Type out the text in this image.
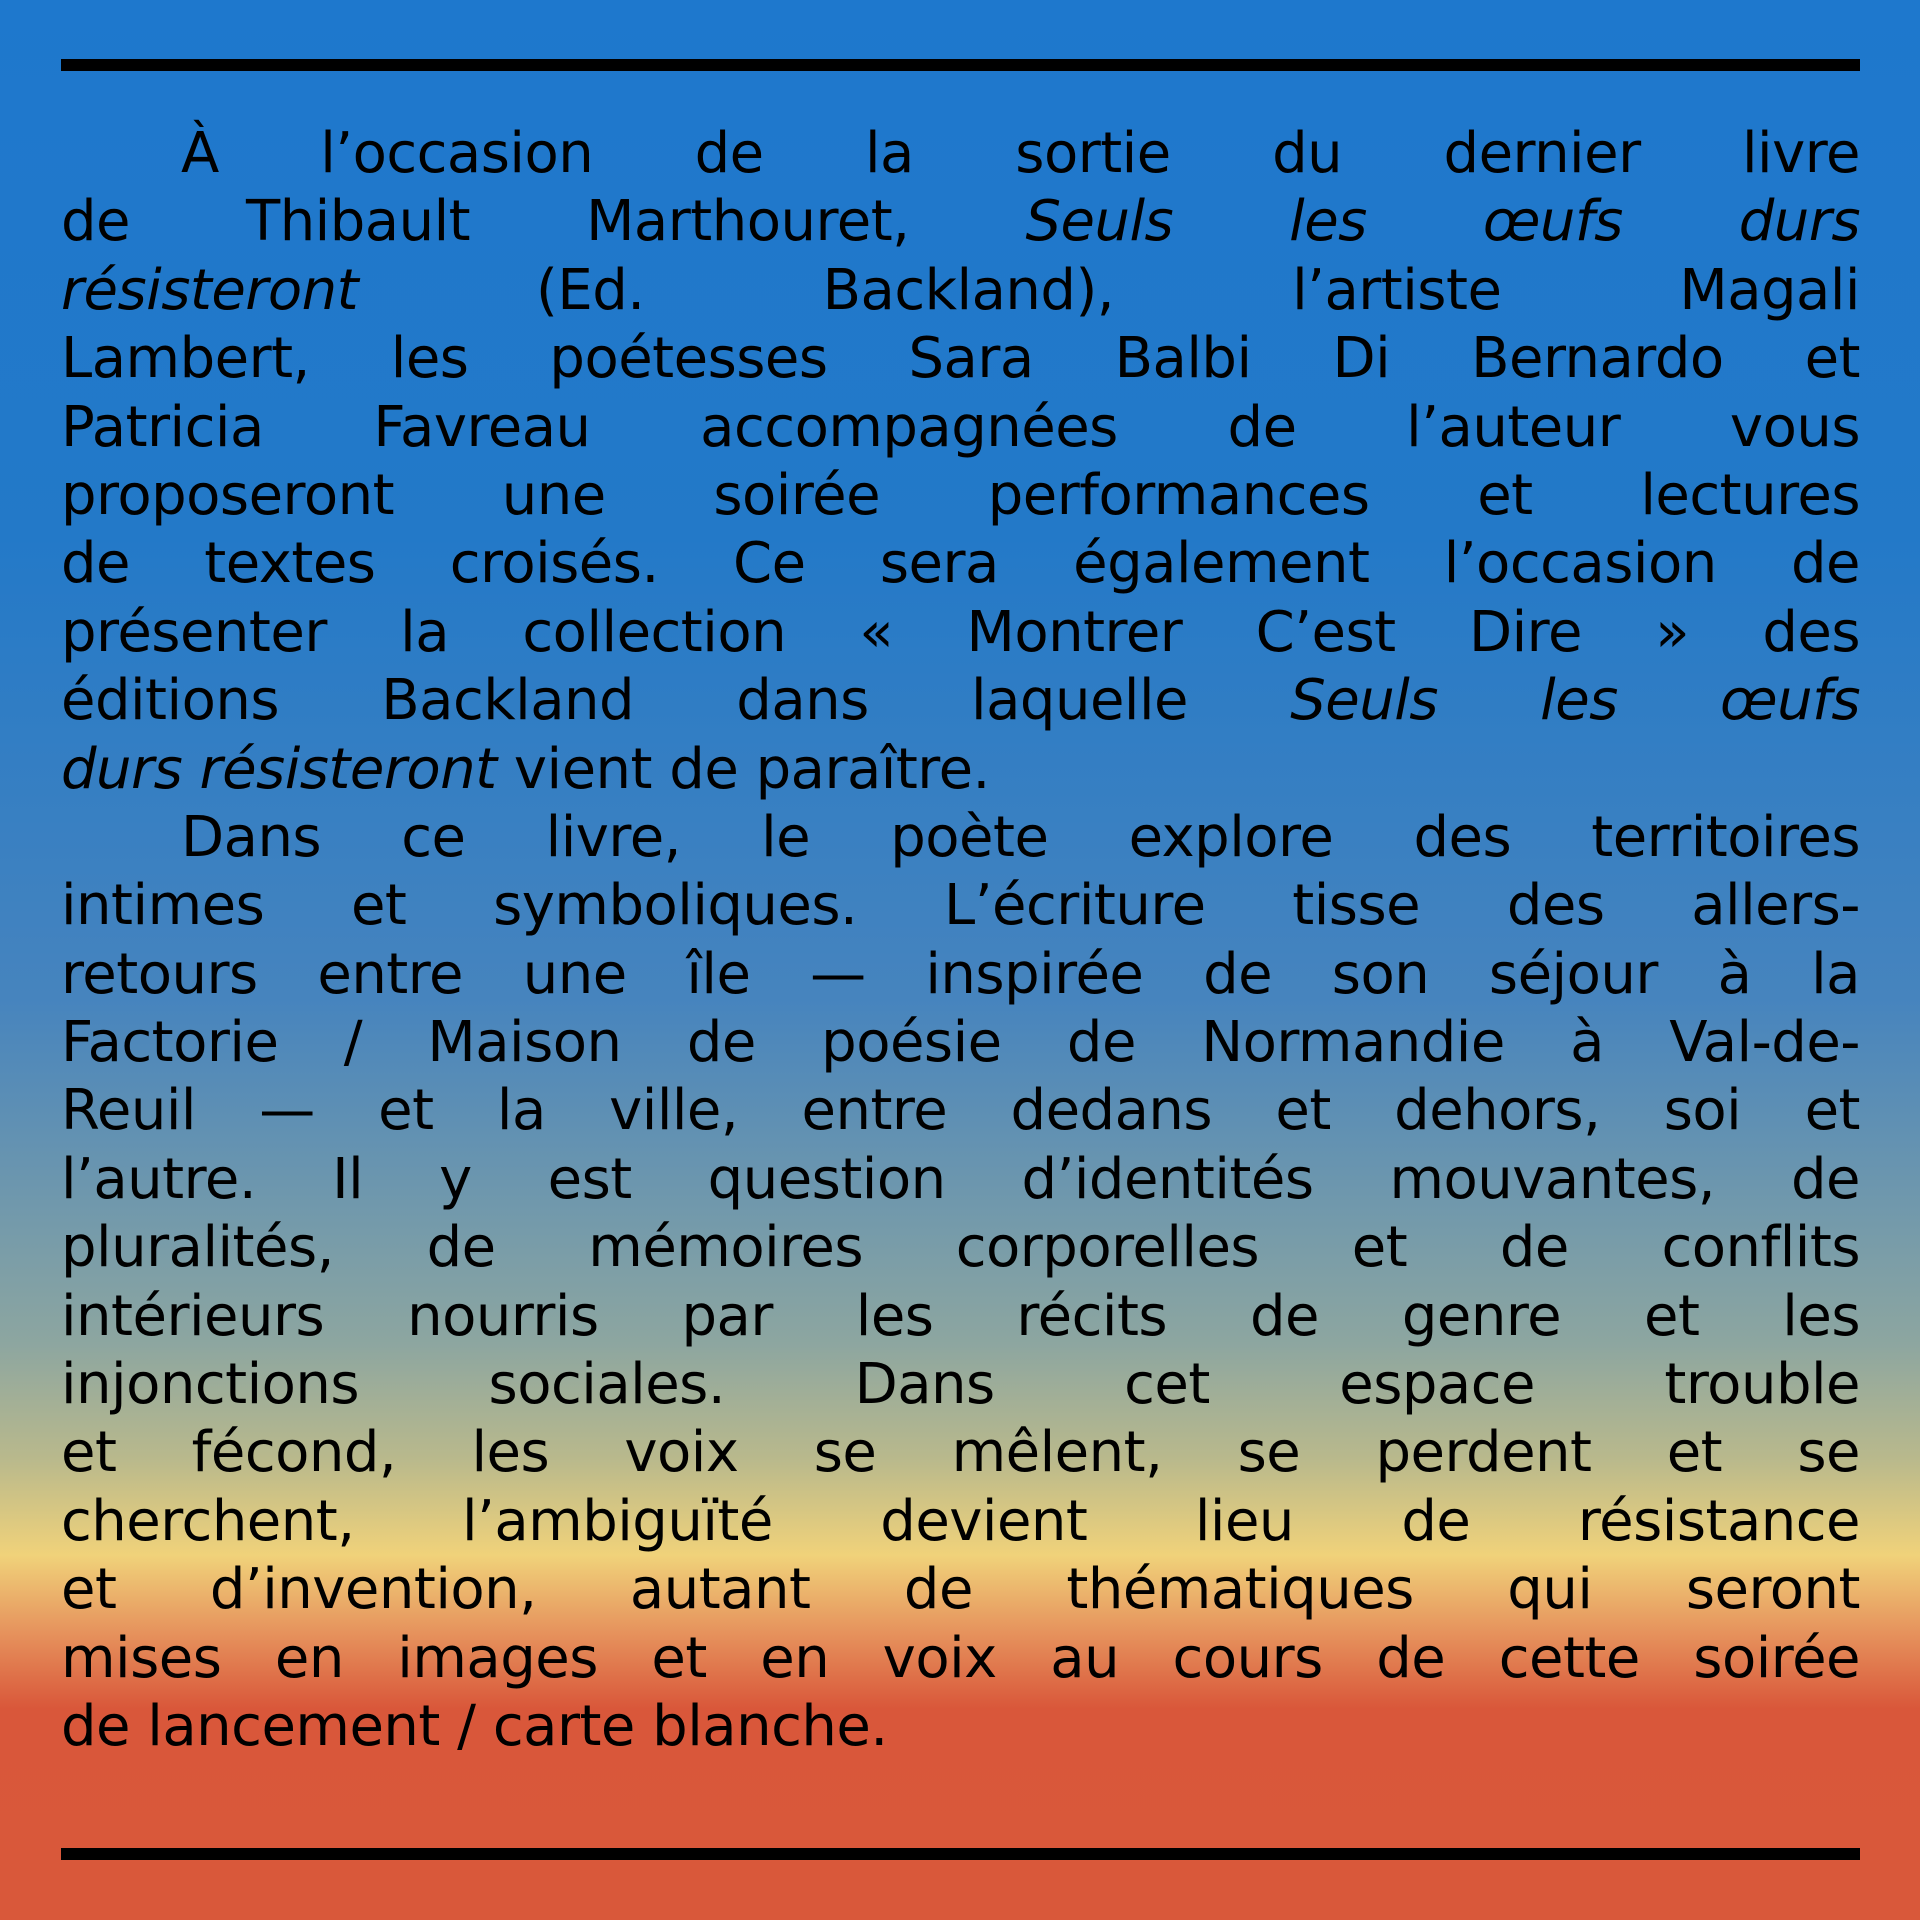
À l’occasion de la sortie du dernier livre
de Thibault Marthouret, Seuls les œufs durs
résisteront (Ed. Backland), l’artiste Magali
Lambert, les poétesses Sara Balbi Di Bernardo et
Patricia Favreau accompagnées de l’auteur vous
proposeront une soirée performances et lectures
de textes croisés. Ce sera également l’occasion de
présenter la collection « Montrer C’est Dire » des
éditions Backland dans laquelle Seuls les œufs
durs résisteront vient de paraître.
Dans ce livre, le poète explore des territoires
intimes et symboliques. L’écriture tisse des allers-
retours entre une île — inspirée de son séjour à la
Factorie / Maison de poésie de Normandie à Val-de-
Reuil — et la ville, entre dedans et dehors, soi et
l’autre. Il y est question d’identités mouvantes, de
pluralités, de mémoires corporelles et de conflits
intérieurs nourris par les récits de genre et les
injonctions sociales. Dans cet espace trouble
et fécond, les voix se mêlent, se perdent et se
cherchent, l’ambiguïté devient lieu de résistance
et d’invention, autant de thématiques qui seront
mises en images et en voix au cours de cette soirée
de lancement / carte blanche.
